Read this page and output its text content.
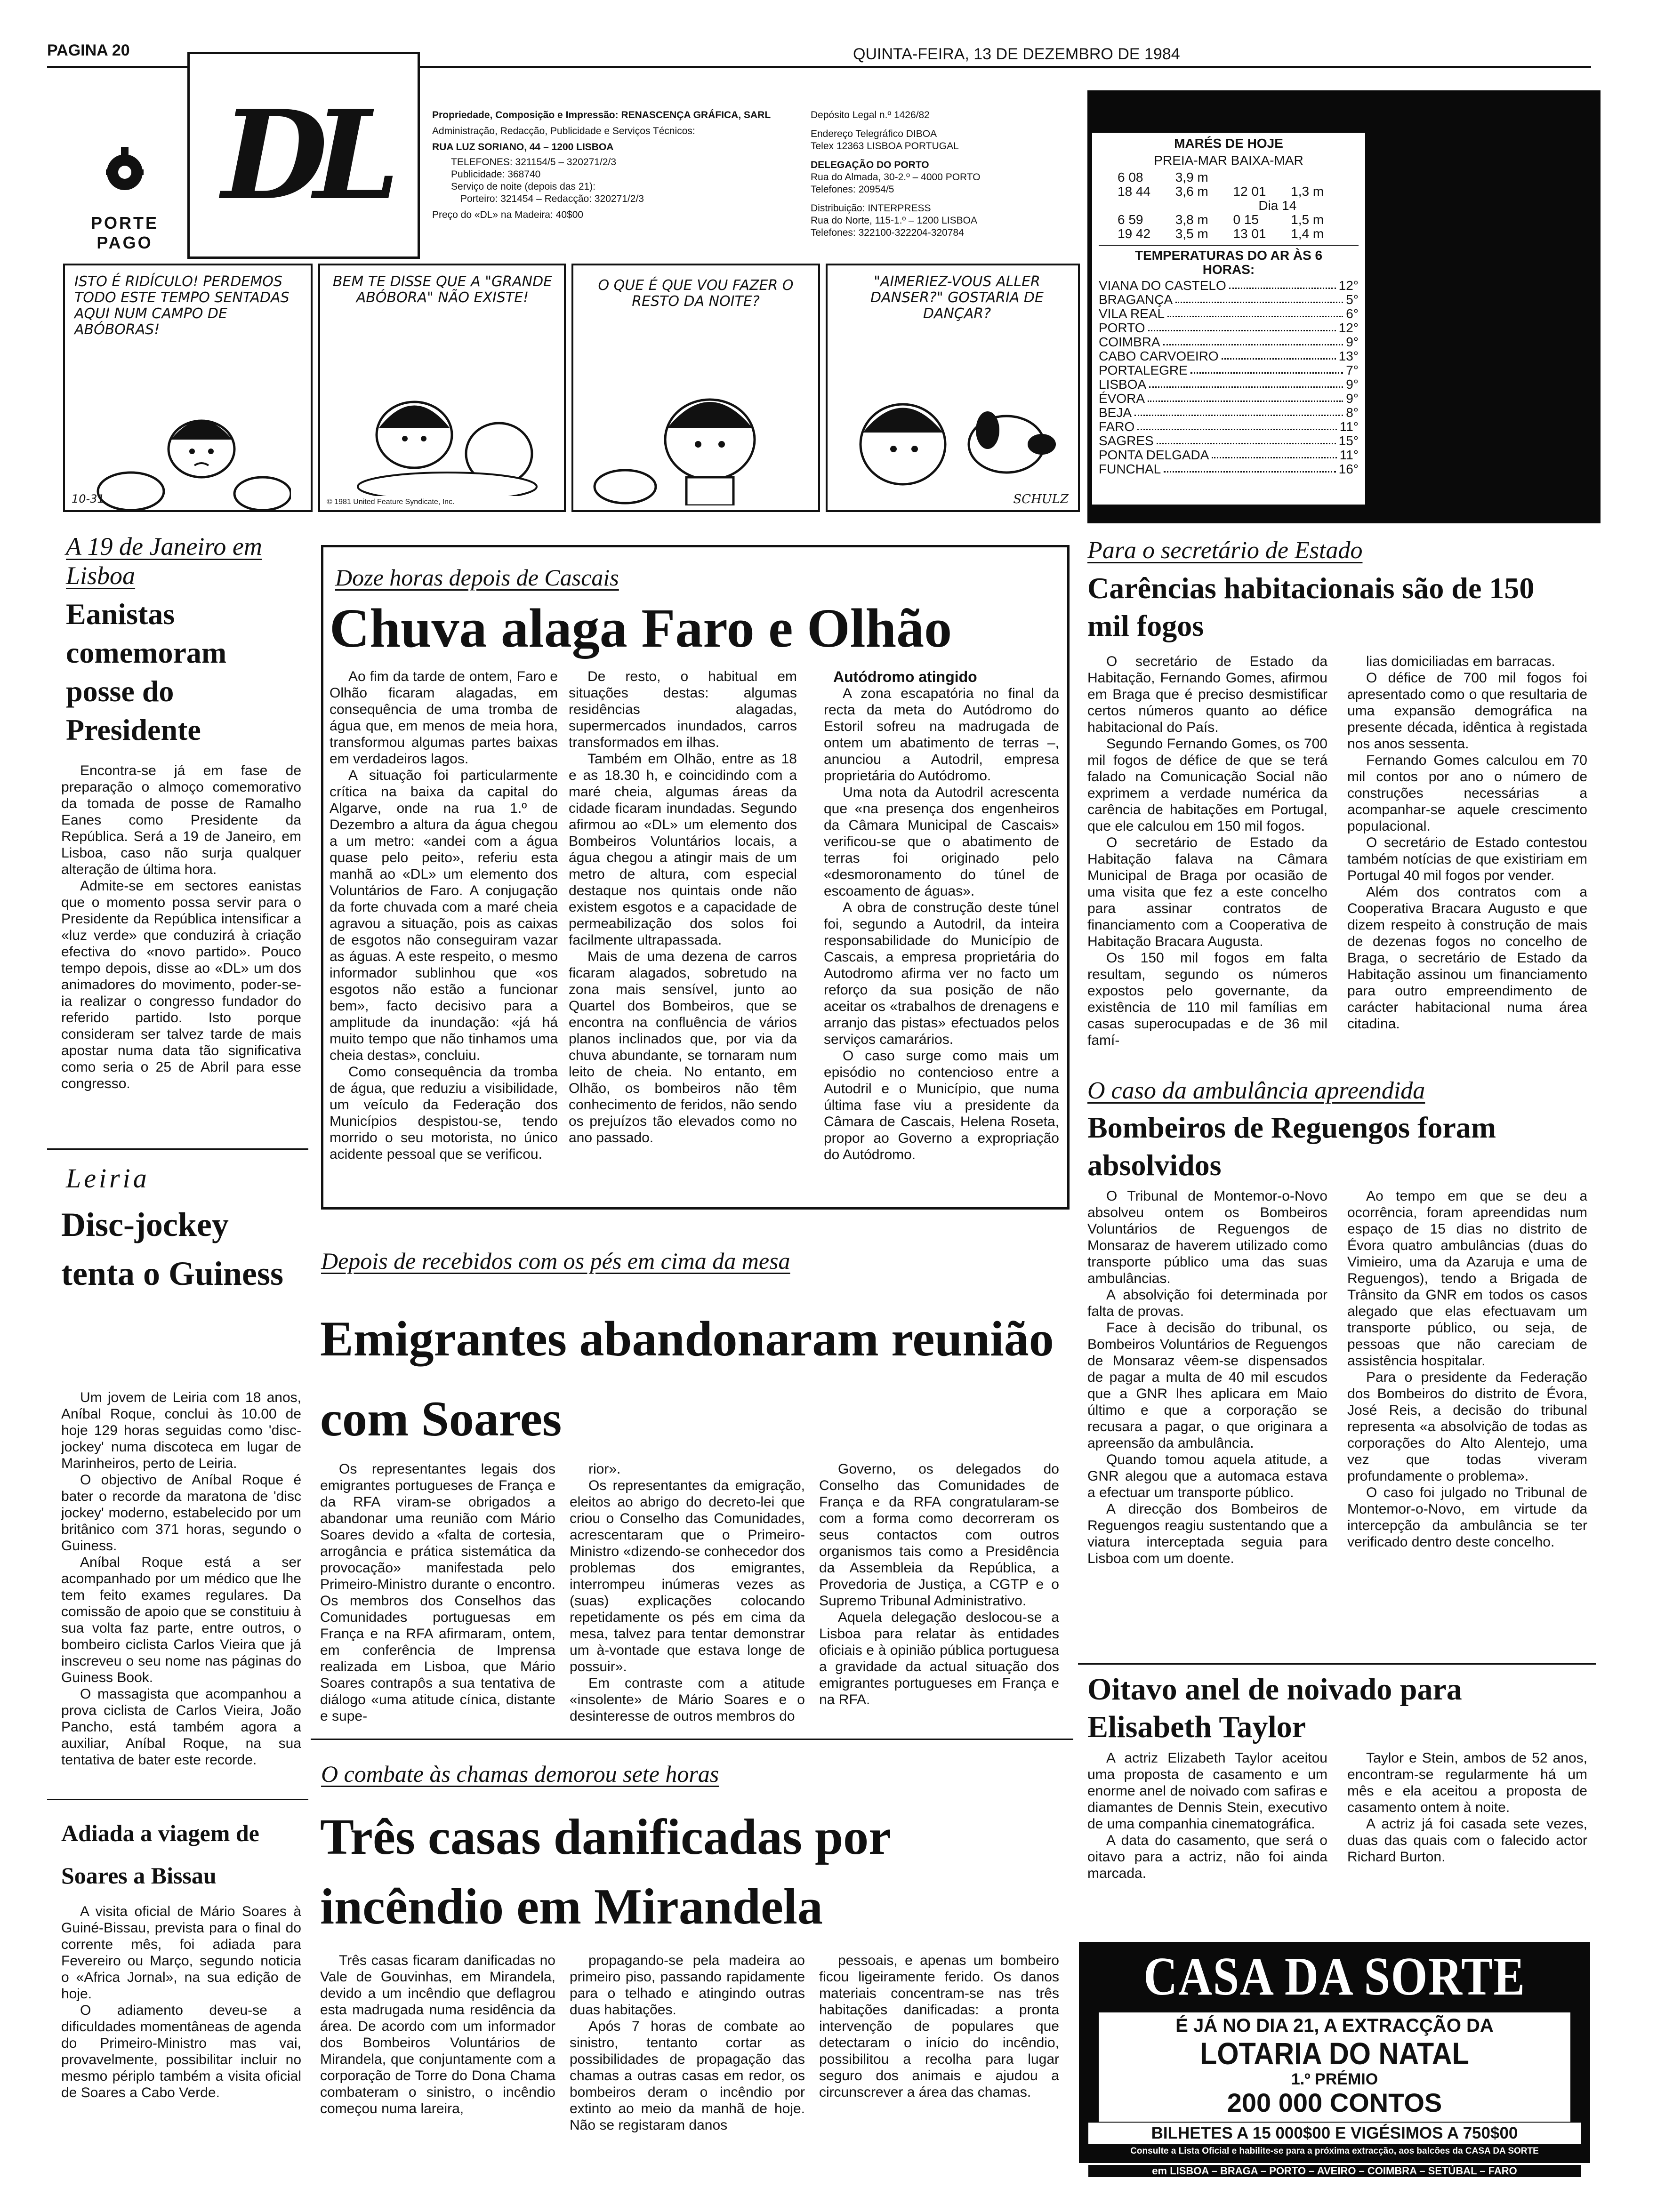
PAGINA 20	QUINTA-FEIRA, 13 DE DEZEMBRO DE 1984
PORTE
PAGO
DL	Propriedade, Composição e Impressão: RENASCENÇA GRÁFICA, SARL
Administração, Redacção, Publicidade e Serviços Técnicos:
RUA LUZ SORIANO, 44 – 1200 LISBOA
TELEFONES: 321154/5 – 320271/2/3
Publicidade: 368740
Serviço de noite (depois das 21):
Porteiro: 321454 – Redacção: 320271/2/3
Preço do «DL» na Madeira: 40$00
Depósito Legal n.º 1426/82
Endereço Telegráfico DIBOA
Telex 12363 LISBOA PORTUGAL
DELEGAÇÃO DO PORTO
Rua do Almada, 30-2.º – 4000 PORTO
Telefones: 20954/5
Distribuição: INTERPRESS
Rua do Norte, 115-1.º – 1200 LISBOA
Telefones: 322100-322204-320784
MARÉS DE HOJE
PREIA-MAR BAIXA-MAR
6 08	3,9 m
18 44	3,6 m	12 01	1,3 m
Dia 14
6 59	3,8 m	0 15	1,5 m
19 42	3,5 m	13 01	1,4 m
TEMPERATURAS DO AR ÀS 6 HORAS:
VIANA DO CASTELO	12°
BRAGANÇA	5°
VILA REAL	6°
PORTO	12°
COIMBRA	9°
CABO CARVOEIRO	13°
PORTALEGRE	7°
LISBOA	9°
ÉVORA	9°
BEJA	8°
FARO	11°
SAGRES	15°
PONTA DELGADA	11°
FUNCHAL	16°
ISTO É RIDÍCULO! PERDEMOS TODO ESTE TEMPO SENTADAS AQUI NUM CAMPO DE ABÓBORAS!
10-31
BEM TE DISSE QUE A "GRANDE ABÓBORA" NÃO EXISTE!
© 1981 United Feature Syndicate, Inc.
O QUE É QUE VOU FAZER O RESTO DA NOITE?
"AIMERIEZ-VOUS ALLER DANSER?" GOSTARIA DE DANÇAR?
SCHULZ
A 19 de Janeiro em Lisboa
Eanistas comemoram posse do Presidente

Encontra-se já em fase de preparação o almoço comemorativo da tomada de posse de Ramalho Eanes como Presidente da República. Será a 19 de Janeiro, em Lisboa, caso não surja qualquer alteração de última hora.

Admite-se em sectores eanistas que o momento possa servir para o Presidente da República intensificar a «luz verde» que conduzirá à criação efectiva do «novo partido». Pouco tempo depois, disse ao «DL» um dos animadores do movimento, poder-se-ia realizar o congresso fundador do referido partido. Isto porque consideram ser talvez tarde de mais apostar numa data tão significativa como seria o 25 de Abril para esse congresso.

Leiria
Disc-jockey tenta o Guiness

Um jovem de Leiria com 18 anos, Aníbal Roque, conclui às 10.00 de hoje 129 horas seguidas como 'disc-jockey' numa discoteca em lugar de Marinheiros, perto de Leiria.

O objectivo de Aníbal Roque é bater o recorde da maratona de 'disc jockey' moderno, estabelecido por um britânico com 371 horas, segundo o Guiness.

Aníbal Roque está a ser acompanhado por um médico que lhe tem feito exames regulares. Da comissão de apoio que se constituiu à sua volta faz parte, entre outros, o bombeiro ciclista Carlos Vieira que já inscreveu o seu nome nas páginas do Guiness Book.

O massagista que acompanhou a prova ciclista de Carlos Vieira, João Pancho, está também agora a auxiliar, Aníbal Roque, na sua tentativa de bater este recorde.

Adiada a viagem de Soares a Bissau

A visita oficial de Mário Soares à Guiné-Bissau, prevista para o final do corrente mês, foi adiada para Fevereiro ou Março, segundo noticia o «Africa Jornal», na sua edição de hoje.

O adiamento deveu-se a dificuldades momentâneas de agenda do Primeiro-Ministro mas vai, provavelmente, possibilitar incluir no mesmo périplo também a visita oficial de Soares a Cabo Verde.

Doze horas depois de Cascais
Chuva alaga Faro e Olhão

Ao fim da tarde de ontem, Faro e Olhão ficaram alagadas, em consequência de uma tromba de água que, em menos de meia hora, transformou algumas partes baixas em verdadeiros lagos.

A situação foi particularmente crítica na baixa da capital do Algarve, onde na rua 1.º de Dezembro a altura da água chegou a um metro: «andei com a água quase pelo peito», referiu esta manhã ao «DL» um elemento dos Voluntários de Faro. A conjugação da forte chuvada com a maré cheia agravou a situação, pois as caixas de esgotos não conseguiram vazar as águas. A este respeito, o mesmo informador sublinhou que «os esgotos não estão a funcionar bem», facto decisivo para a amplitude da inundação: «já há muito tempo que não tinhamos uma cheia destas», concluiu.

Como consequência da tromba de água, que reduziu a visibilidade, um veículo da Federação dos Municípios despistou-se, tendo morrido o seu motorista, no único acidente pessoal que se verificou.

De resto, o habitual em situações destas: algumas residências alagadas, supermercados inundados, carros transformados em ilhas.

Também em Olhão, entre as 18 e as 18.30 h, e coincidindo com a maré cheia, algumas áreas da cidade ficaram inundadas. Segundo afirmou ao «DL» um elemento dos Bombeiros Voluntários locais, a água chegou a atingir mais de um metro de altura, com especial destaque nos quintais onde não existem esgotos e a capacidade de permeabilização dos solos foi facilmente ultrapassada.

Mais de uma dezena de carros ficaram alagados, sobretudo na zona mais sensível, junto ao Quartel dos Bombeiros, que se encontra na confluência de vários planos inclinados que, por via da chuva abundante, se tornaram num leito de cheia. No entanto, em Olhão, os bombeiros não têm conhecimento de feridos, não sendo os prejuízos tão elevados como no ano passado.

Autódromo atingido

A zona escapatória no final da recta da meta do Autódromo do Estoril sofreu na madrugada de ontem um abatimento de terras –, anunciou a Autodril, empresa proprietária do Autódromo.

Uma nota da Autodril acrescenta que «na presença dos engenheiros da Câmara Municipal de Cascais» verificou-se que o abatimento de terras foi originado pelo «desmoronamento do túnel de escoamento de águas».

A obra de construção deste túnel foi, segundo a Autodril, da inteira responsabilidade do Município de Cascais, a empresa proprietária do Autodromo afirma ver no facto um reforço da sua posição de não aceitar os «trabalhos de drenagens e arranjo das pistas» efectuados pelos serviços camarários.

O caso surge como mais um episódio no contencioso entre a Autodril e o Município, que numa última fase viu a presidente da Câmara de Cascais, Helena Roseta, propor ao Governo a expropriação do Autódromo.

Para o secretário de Estado
Carências habitacionais são de 150 mil fogos

O secretário de Estado da Habitação, Fernando Gomes, afirmou em Braga que é preciso desmistificar certos números quanto ao défice habitacional do País.

Segundo Fernando Gomes, os 700 mil fogos de défice de que se terá falado na Comunicação Social não exprimem a verdade numérica da carência de habitações em Portugal, que ele calculou em 150 mil fogos.

O secretário de Estado da Habitação falava na Câmara Municipal de Braga por ocasião de uma visita que fez a este concelho para assinar contratos de financiamento com a Cooperativa de Habitação Bracara Augusta.

Os 150 mil fogos em falta resultam, segundo os números expostos pelo governante, da existência de 110 mil famílias em casas superocupadas e de 36 mil famí-

lias domiciliadas em barracas.

O défice de 700 mil fogos foi apresentado como o que resultaria de uma expansão demográfica na presente década, idêntica à registada nos anos sessenta.

Fernando Gomes calculou em 70 mil contos por ano o número de construções necessárias a acompanhar-se aquele crescimento populacional.

O secretário de Estado contestou também notícias de que existiriam em Portugal 40 mil fogos por vender.

Além dos contratos com a Cooperativa Bracara Augusto e que dizem respeito à construção de mais de dezenas fogos no concelho de Braga, o secretário de Estado da Habitação assinou um financiamento para outro empreendimento de carácter habitacional numa área citadina.

O caso da ambulância apreendida
Bombeiros de Reguengos foram absolvidos

O Tribunal de Montemor-o-Novo absolveu ontem os Bombeiros Voluntários de Reguengos de Monsaraz de haverem utilizado como transporte público uma das suas ambulâncias.

A absolvição foi determinada por falta de provas.

Face à decisão do tribunal, os Bombeiros Voluntários de Reguengos de Monsaraz vêem-se dispensados de pagar a multa de 40 mil escudos que a GNR lhes aplicara em Maio último e que a corporação se recusara a pagar, o que originara a apreensão da ambulância.

Quando tomou aquela atitude, a GNR alegou que a automaca estava a efectuar um transporte público.

A direcção dos Bombeiros de Reguengos reagiu sustentando que a viatura interceptada seguia para Lisboa com um doente.

Ao tempo em que se deu a ocorrência, foram apreendidas num espaço de 15 dias no distrito de Évora quatro ambulâncias (duas do Vimieiro, uma da Azaruja e uma de Reguengos), tendo a Brigada de Trânsito da GNR em todos os casos alegado que elas efectuavam um transporte público, ou seja, de pessoas que não careciam de assistência hospitalar.

Para o presidente da Federação dos Bombeiros do distrito de Évora, José Reis, a decisão do tribunal representa «a absolvição de todas as corporações do Alto Alentejo, uma vez que todas viveram profundamente o problema».

O caso foi julgado no Tribunal de Montemor-o-Novo, em virtude da intercepção da ambulância se ter verificado dentro deste concelho.

Oitavo anel de noivado para Elisabeth Taylor

A actriz Elizabeth Taylor aceitou uma proposta de casamento e um enorme anel de noivado com safiras e diamantes de Dennis Stein, executivo de uma companhia cinematográfica.

A data do casamento, que será o oitavo para a actriz, não foi ainda marcada.

Taylor e Stein, ambos de 52 anos, encontram-se regularmente há um mês e ela aceitou a proposta de casamento ontem à noite.

A actriz já foi casada sete vezes, duas das quais com o falecido actor Richard Burton.

CASA DA SORTE
É JÁ NO DIA 21, A EXTRACÇÃO DA
LOTARIA DO NATAL
1.º PRÉMIO
200 000 CONTOS
BILHETES A 15 000$00 E VIGÉSIMOS A 750$00
Consulte a Lista Oficial e habilite-se para a próxima extracção, aos balcões da CASA DA SORTE
em LISBOA – BRAGA – PORTO – AVEIRO – COIMBRA – SETÚBAL – FARO
Depois de recebidos com os pés em cima da mesa
Emigrantes abandonaram reunião com Soares

Os representantes legais dos emigrantes portugueses de França e da RFA viram-se obrigados a abandonar uma reunião com Mário Soares devido a «falta de cortesia, arrogância e prática sistemática da provocação» manifestada pelo Primeiro-Ministro durante o encontro. Os membros dos Conselhos das Comunidades portuguesas em França e na RFA afirmaram, ontem, em conferência de Imprensa realizada em Lisboa, que Mário Soares contrapôs a sua tentativa de diálogo «uma atitude cínica, distante e supe-

rior».

Os representantes da emigração, eleitos ao abrigo do decreto-lei que criou o Conselho das Comunidades, acrescentaram que o Primeiro-Ministro «dizendo-se conhecedor dos problemas dos emigrantes, interrompeu inúmeras vezes as (suas) explicações colocando repetidamente os pés em cima da mesa, talvez para tentar demonstrar um à-vontade que estava longe de possuir».

Em contraste com a atitude «insolente» de Mário Soares e o desinteresse de outros membros do

Governo, os delegados do Conselho das Comunidades de França e da RFA congratularam-se com a forma como decorreram os seus contactos com outros organismos tais como a Presidência da Assembleia da República, a Provedoria de Justiça, a CGTP e o Supremo Tribunal Administrativo.

Aquela delegação deslocou-se a Lisboa para relatar às entidades oficiais e à opinião pública portuguesa a gravidade da actual situação dos emigrantes portugueses em França e na RFA.

O combate às chamas demorou sete horas
Três casas danificadas por incêndio em Mirandela

Três casas ficaram danificadas no Vale de Gouvinhas, em Mirandela, devido a um incêndio que deflagrou esta madrugada numa residência da área. De acordo com um informador dos Bombeiros Voluntários de Mirandela, que conjuntamente com a corporação de Torre do Dona Chama combateram o sinistro, o incêndio começou numa lareira,

propagando-se pela madeira ao primeiro piso, passando rapidamente para o telhado e atingindo outras duas habitações.

Após 7 horas de combate ao sinistro, tentanto cortar as possibilidades de propagação das chamas a outras casas em redor, os bombeiros deram o incêndio por extinto ao meio da manhã de hoje. Não se registaram danos

pessoais, e apenas um bombeiro ficou ligeiramente ferido. Os danos materiais concentram-se nas três habitações danificadas: a pronta intervenção de populares que detectaram o início do incêndio, possibilitou a recolha para lugar seguro dos animais e ajudou a circunscrever a área das chamas.
